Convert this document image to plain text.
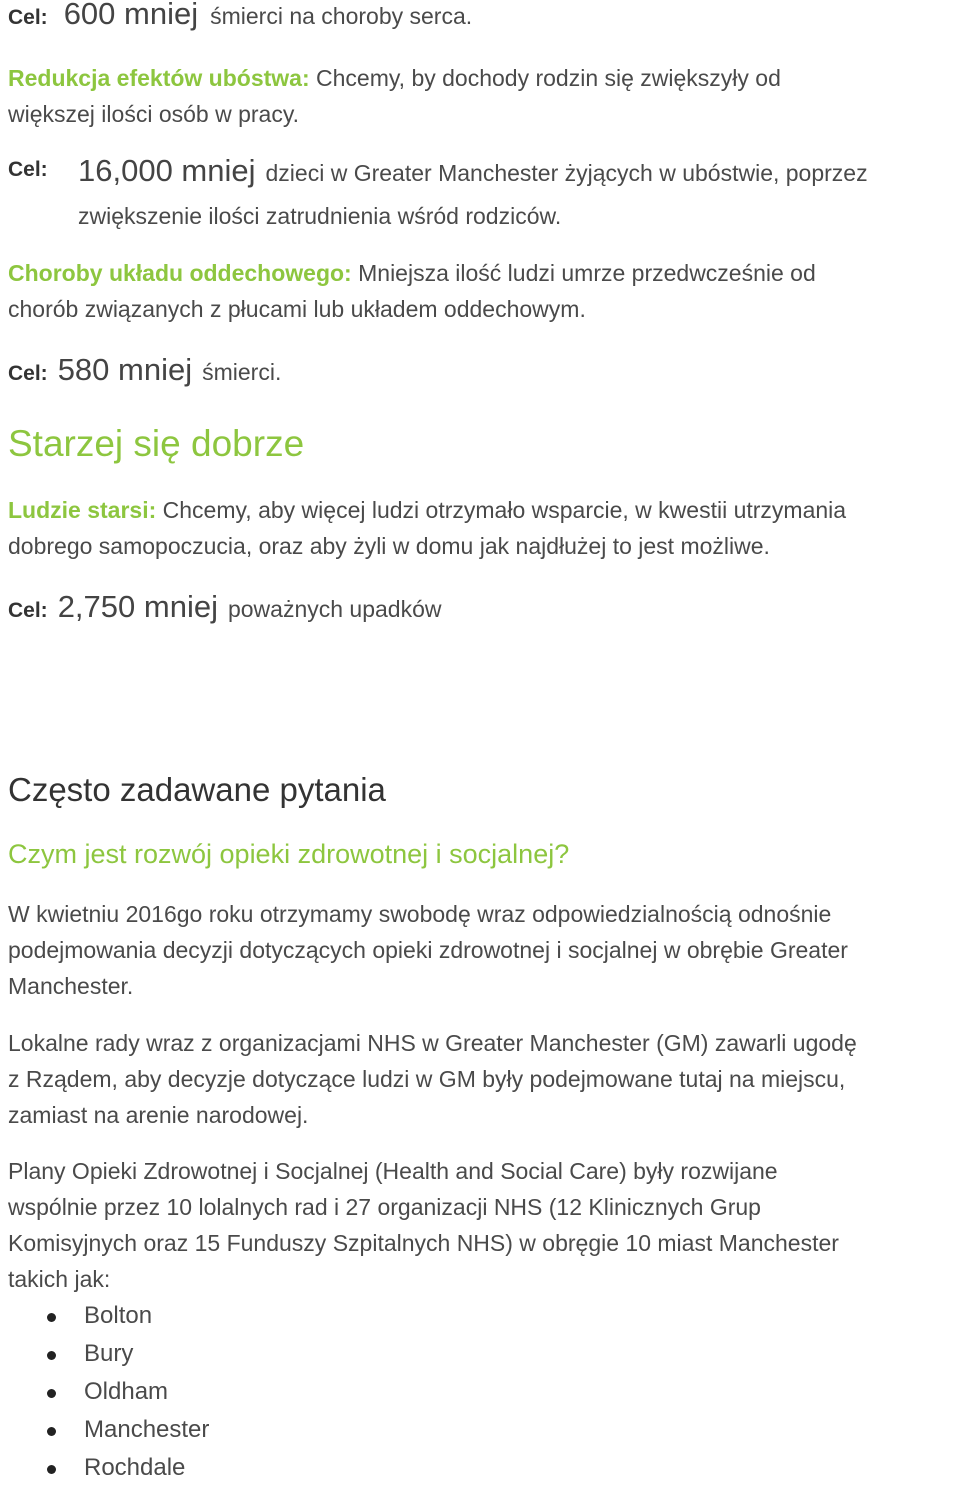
Cel: 600 mniej śmierci na choroby serca.
Redukcja efektów ubóstwa: Chcemy, by dochody rodzin się zwiększyły od
większej ilości osób w pracy.
Cel: 16,000 mniej dzieci w Greater Manchester żyjących w ubóstwie, poprzez
zwiększenie ilości zatrudnienia wśród rodziców.
Choroby układu oddechowego: Mniejsza ilość ludzi umrze przedwcześnie od
chorób związanych z płucami lub układem oddechowym.
Cel: 580 mniej śmierci.
Starzej się dobrze
Ludzie starsi: Chcemy, aby więcej ludzi otrzymało wsparcie, w kwestii utrzymania
dobrego samopoczucia, oraz aby żyli w domu jak najdłużej to jest możliwe.
Cel: 2,750 mniej poważnych upadków
Często zadawane pytania
Czym jest rozwój opieki zdrowotnej i socjalnej?
W kwietniu 2016go roku otrzymamy swobodę wraz odpowiedzialnością odnośnie
podejmowania decyzji dotyczących opieki zdrowotnej i socjalnej w obrębie Greater
Manchester.
Lokalne rady wraz z organizacjami NHS w Greater Manchester (GM) zawarli ugodę
z Rządem, aby decyzje dotyczące ludzi w GM były podejmowane tutaj na miejscu,
zamiast na arenie narodowej.
Plany Opieki Zdrowotnej i Socjalnej (Health and Social Care) były rozwijane
wspólnie przez 10 lolalnych rad i 27 organizacji NHS (12 Klinicznych Grup
Komisyjnych oraz 15 Funduszy Szpitalnych NHS) w obręgie 10 miast Manchester
takich jak:
Bolton
Bury
Oldham
Manchester
Rochdale
